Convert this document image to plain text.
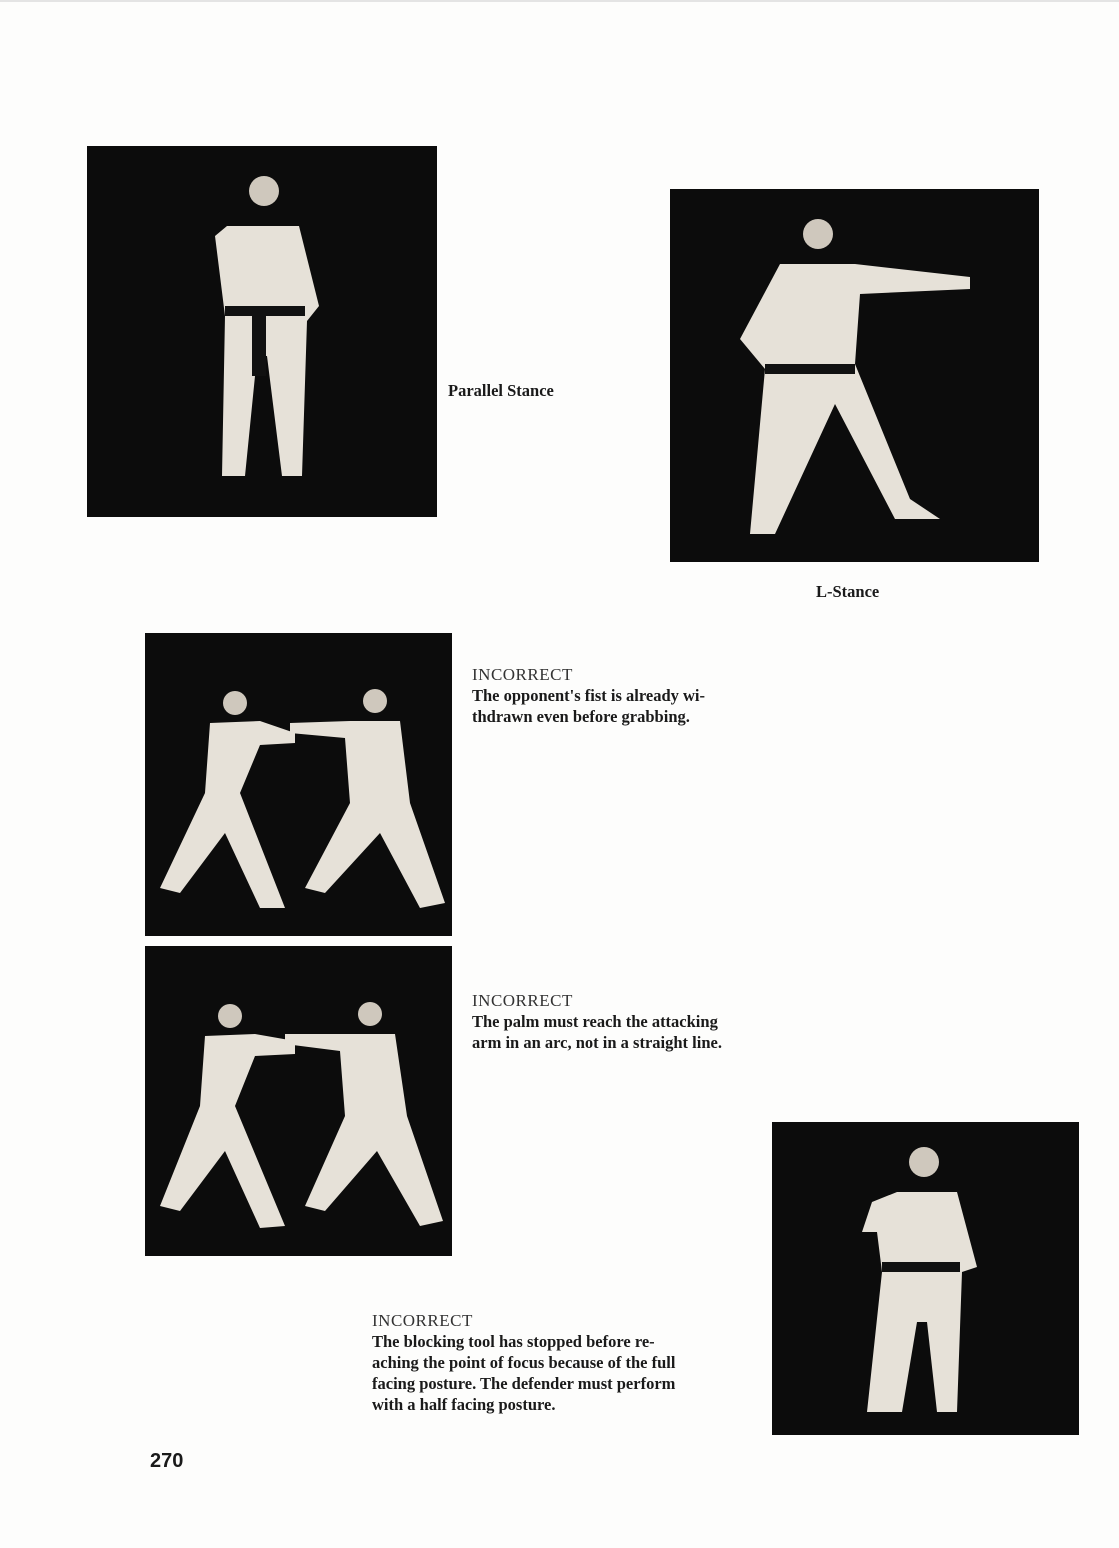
Parallel Stance
L-Stance
INCORRECT
The opponent's fist is already wi-
thdrawn even before grabbing.
INCORRECT
The palm must reach the attacking
arm in an arc, not in a straight line.
INCORRECT
The blocking tool has stopped before re-
aching the point of focus because of the full
facing posture. The defender must perform
with a half facing posture.
270
